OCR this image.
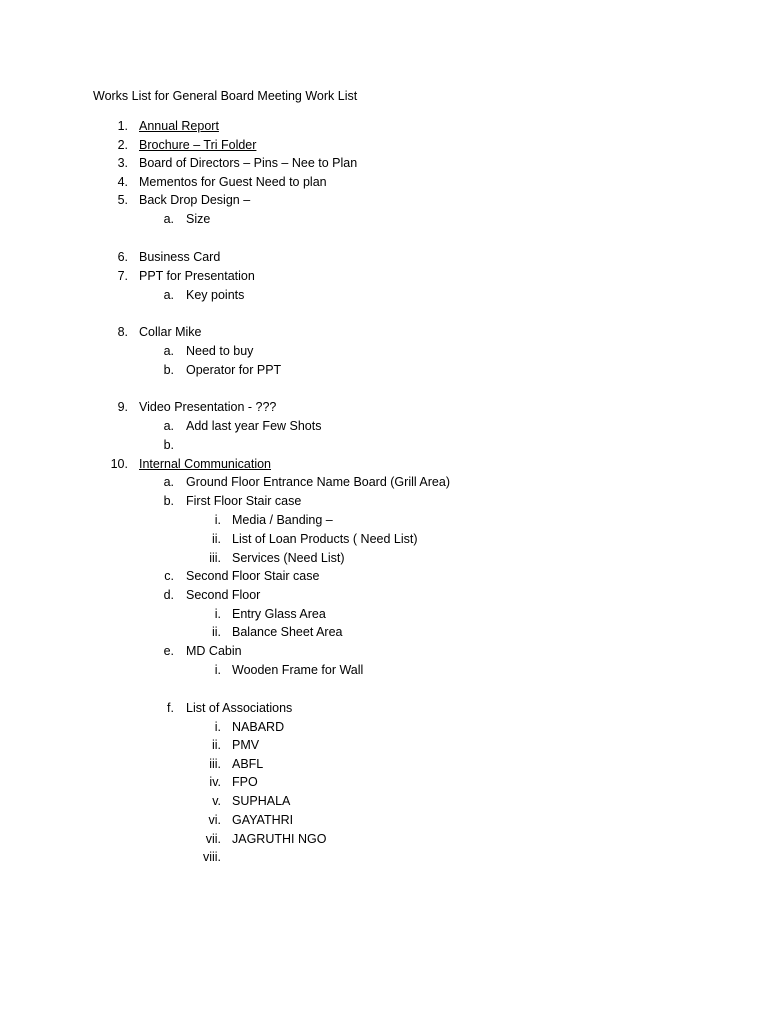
Works List for General Board Meeting Work List
1. Annual Report
2. Brochure – Tri Folder
3. Board of Directors – Pins – Nee to Plan
4. Mementos for Guest Need to plan
5. Back Drop Design –
a. Size
6. Business Card
7. PPT for Presentation
a. Key points
8. Collar Mike
a. Need to buy
b. Operator for PPT
9. Video Presentation - ???
a. Add last year Few Shots
b.
10. Internal Communication
a. Ground Floor Entrance Name Board (Grill Area)
b. First Floor Stair case
i. Media / Banding –
ii. List of Loan Products ( Need List)
iii. Services (Need List)
c. Second Floor Stair case
d. Second Floor
i. Entry Glass Area
ii. Balance Sheet Area
e. MD Cabin
i. Wooden Frame for Wall
f. List of Associations
i. NABARD
ii. PMV
iii. ABFL
iv. FPO
v. SUPHALA
vi. GAYATHRI
vii. JAGRUTHI NGO
viii.
